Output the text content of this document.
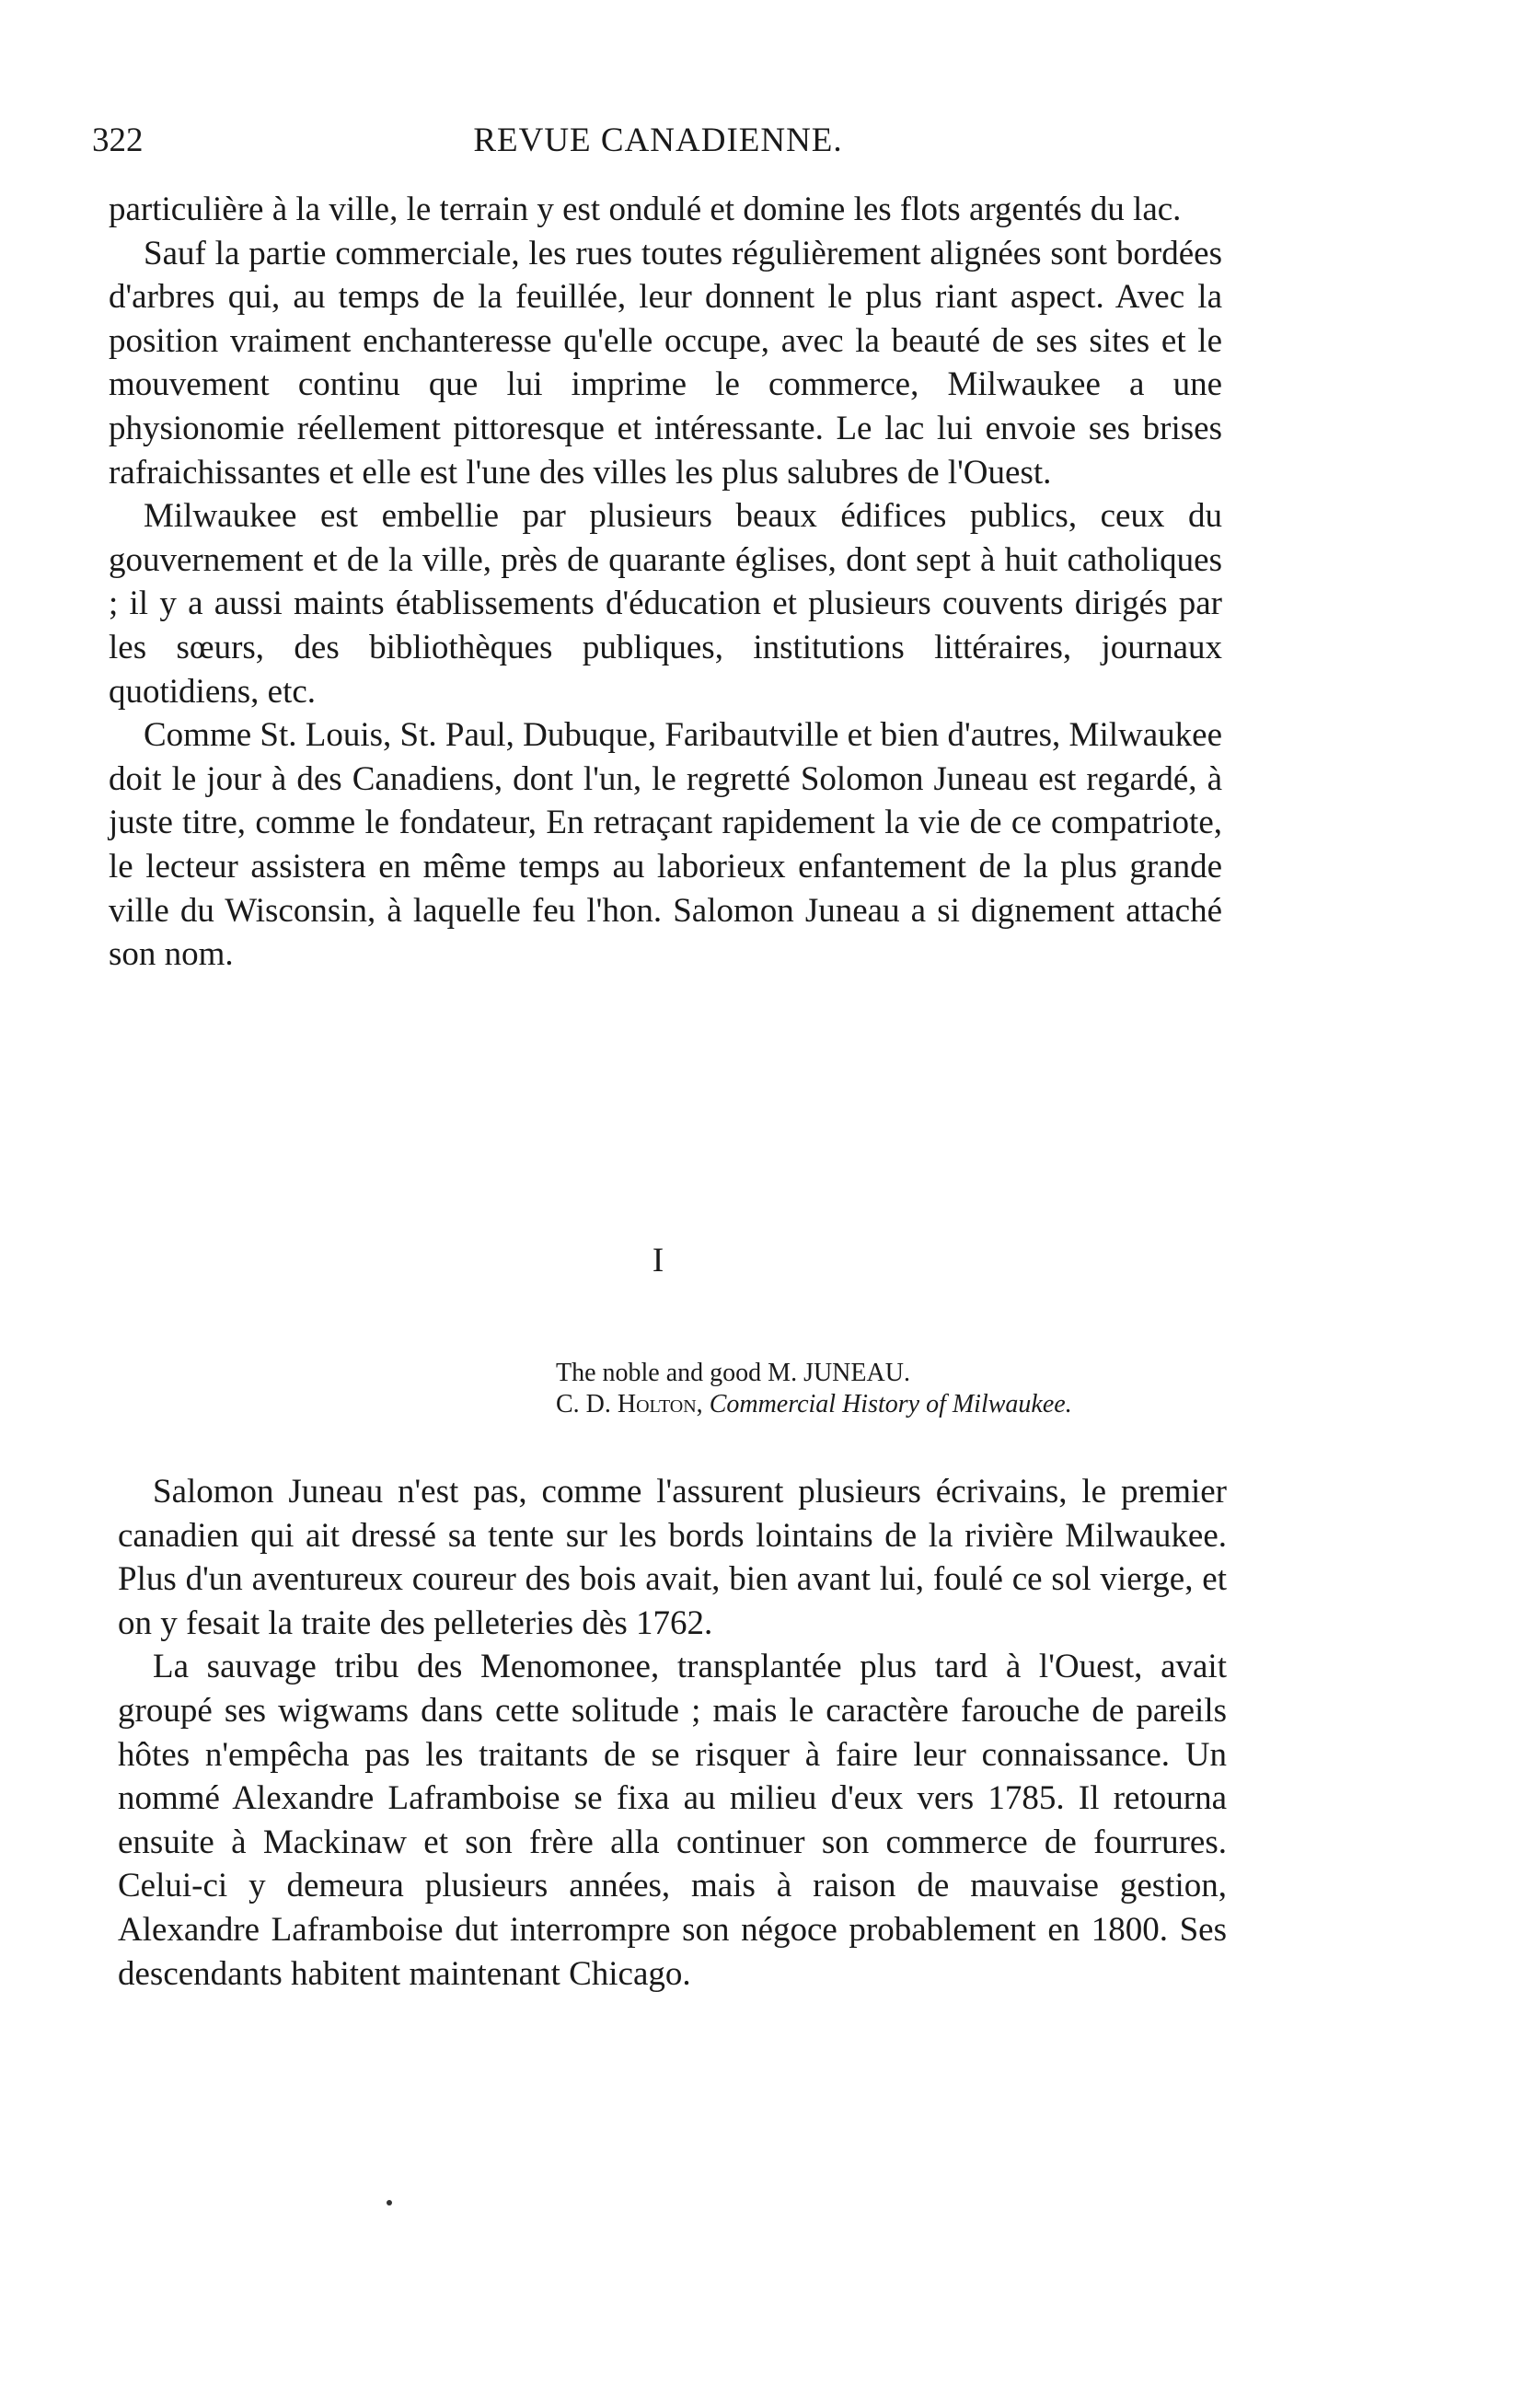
322	REVUE CANADIENNE.

particulière à la ville, le terrain y est ondulé et domine les flots argentés du lac.

Sauf la partie commerciale, les rues toutes régulièrement alignées sont bordées d'arbres qui, au temps de la feuillée, leur donnent le plus riant aspect. Avec la position vraiment enchanteresse qu'elle occupe, avec la beauté de ses sites et le mouvement continu que lui imprime le commerce, Milwaukee a une physionomie réellement pittoresque et intéressante. Le lac lui envoie ses brises rafraichissantes et elle est l'une des villes les plus salubres de l'Ouest.

Milwaukee est embellie par plusieurs beaux édifices publics, ceux du gouvernement et de la ville, près de quarante églises, dont sept à huit catholiques ; il y a aussi maints établissements d'éducation et plusieurs couvents dirigés par les sœurs, des bibliothèques publiques, institutions littéraires, journaux quotidiens, etc.

Comme St. Louis, St. Paul, Dubuque, Faribautville et bien d'autres, Milwaukee doit le jour à des Canadiens, dont l'un, le regretté Solomon Juneau est regardé, à juste titre, comme le fondateur, En retraçant rapidement la vie de ce compatriote, le lecteur assistera en même temps au laborieux enfantement de la plus grande ville du Wisconsin, à laquelle feu l'hon. Salomon Juneau a si dignement attaché son nom.

I
The noble and good M. JUNEAU.
C. D. Holton, Commercial History of Milwaukee.

Salomon Juneau n'est pas, comme l'assurent plusieurs écrivains, le premier canadien qui ait dressé sa tente sur les bords lointains de la rivière Milwaukee. Plus d'un aventureux coureur des bois avait, bien avant lui, foulé ce sol vierge, et on y fesait la traite des pelleteries dès 1762.

La sauvage tribu des Menomonee, transplantée plus tard à l'Ouest, avait groupé ses wigwams dans cette solitude ; mais le caractère farouche de pareils hôtes n'empêcha pas les traitants de se risquer à faire leur connaissance. Un nommé Alexandre Laframboise se fixa au milieu d'eux vers 1785. Il retourna ensuite à Mackinaw et son frère alla continuer son commerce de fourrures. Celui-ci y demeura plusieurs années, mais à raison de mauvaise gestion, Alexandre Laframboise dut interrompre son négoce probablement en 1800. Ses descendants habitent maintenant Chicago.
